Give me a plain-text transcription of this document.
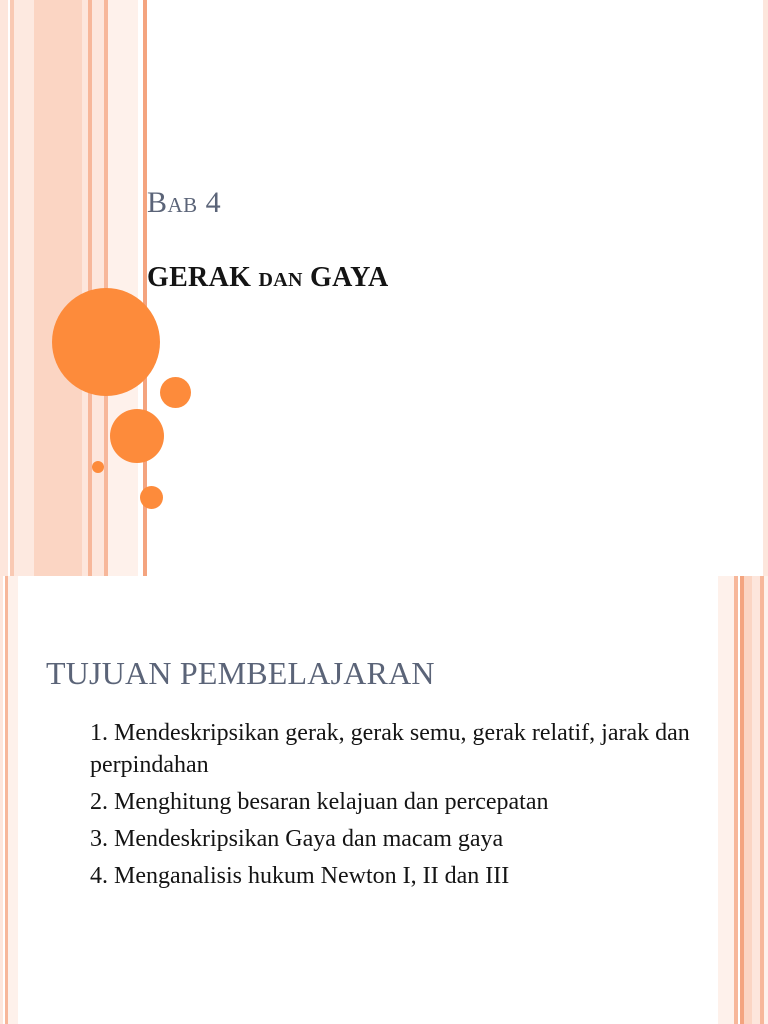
Bab 4
GERAK dan GAYA
TUJUAN PEMBELAJARAN
1. Mendeskripsikan gerak, gerak semu, gerak relatif, jarak dan perpindahan
2. Menghitung besaran kelajuan dan percepatan
3. Mendeskripsikan Gaya dan macam gaya
4. Menganalisis hukum Newton I, II dan III
